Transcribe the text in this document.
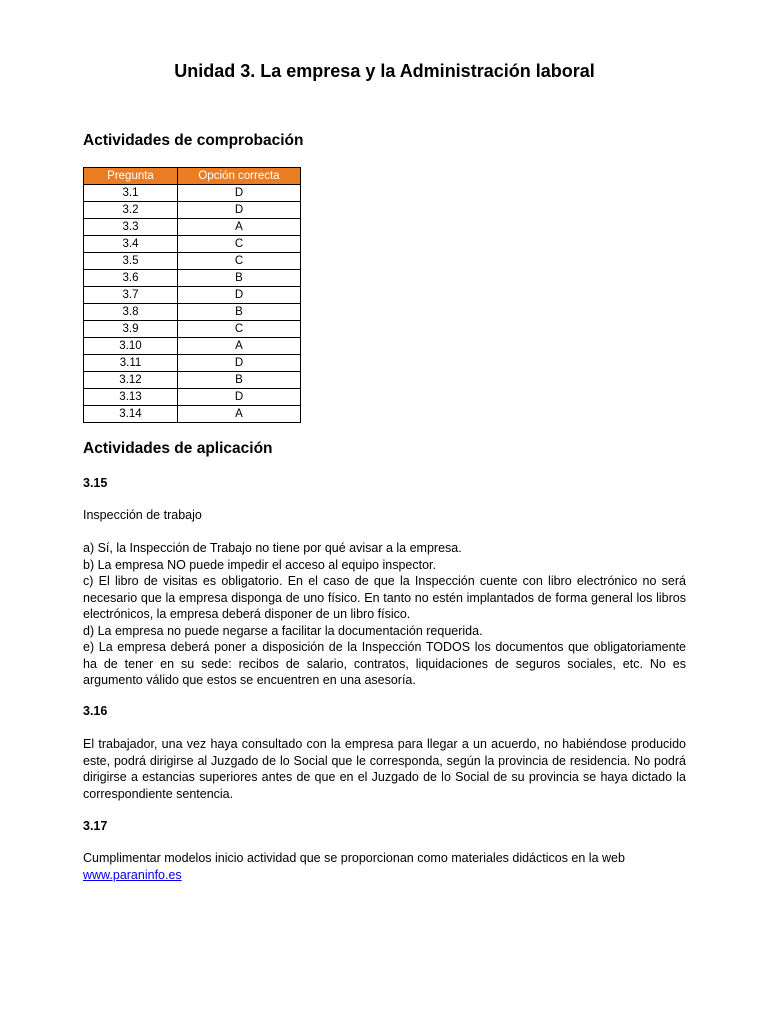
Unidad 3. La empresa y la Administración laboral
Actividades de comprobación
Pregunta	Opción correcta
3.1	D
3.2	D
3.3	A
3.4	C
3.5	C
3.6	B
3.7	D
3.8	B
3.9	C
3.10	A
3.11	D
3.12	B
3.13	D
3.14	A
Actividades de aplicación
3.15

Inspección de trabajo

a) Sí, la Inspección de Trabajo no tiene por qué avisar a la empresa.
b) La empresa NO puede impedir el acceso al equipo inspector.
c) El libro de visitas es obligatorio. En el caso de que la Inspección cuente con libro electrónico no será necesario que la empresa disponga de uno físico. En tanto no estén implantados de forma general los libros electrónicos, la empresa deberá disponer de un libro físico.
d) La empresa no puede negarse a facilitar la documentación requerida.
e) La empresa deberá poner a disposición de la Inspección TODOS los documentos que obligatoriamente ha de tener en su sede: recibos de salario, contratos, liquidaciones de seguros sociales, etc. No es argumento válido que estos se encuentren en una asesoría.

3.16

El trabajador, una vez haya consultado con la empresa para llegar a un acuerdo, no habiéndose producido este, podrá dirigirse al Juzgado de lo Social que le corresponda, según la provincia de residencia. No podrá dirigirse a estancias superiores antes de que en el Juzgado de lo Social de su provincia se haya dictado la correspondiente sentencia.

3.17

Cumplimentar modelos inicio actividad que se proporcionan como materiales didácticos en la web
www.paraninfo.es
